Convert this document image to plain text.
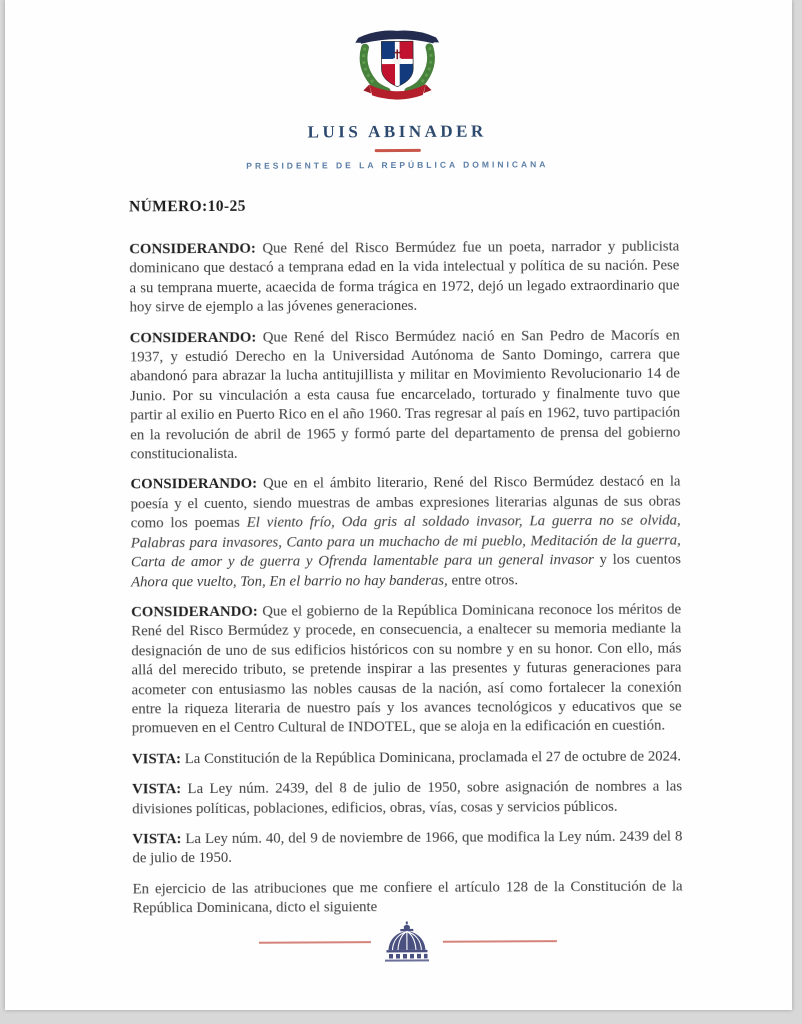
LUIS ABINADER
PRESIDENTE DE LA REPÚBLICA DOMINICANA
NÚMERO:10-25

CONSIDERANDO: Que René del Risco Bermúdez fue un poeta, narrador y publicista dominicano que destacó a temprana edad en la vida intelectual y política de su nación. Pese a su temprana muerte, acaecida de forma trágica en 1972, dejó un legado extraordinario que hoy sirve de ejemplo a las jóvenes generaciones.

CONSIDERANDO: Que René del Risco Bermúdez nació en San Pedro de Macorís en 1937, y estudió Derecho en la Universidad Autónoma de Santo Domingo, carrera que abandonó para abrazar la lucha antitujillista y militar en Movimiento Revolucionario 14 de Junio. Por su vinculación a esta causa fue encarcelado, torturado y finalmente tuvo que partir al exilio en Puerto Rico en el año 1960. Tras regresar al país en 1962, tuvo partipación en la revolución de abril de 1965 y formó parte del departamento de prensa del gobierno constitucionalista.

CONSIDERANDO: Que en el ámbito literario, René del Risco Bermúdez destacó en la poesía y el cuento, siendo muestras de ambas expresiones literarias algunas de sus obras como los poemas El viento frío, Oda gris al soldado invasor, La guerra no se olvida, Palabras para invasores, Canto para un muchacho de mi pueblo, Meditación de la guerra, Carta de amor y de guerra y Ofrenda lamentable para un general invasor y los cuentos Ahora que vuelto, Ton, En el barrio no hay banderas, entre otros.

CONSIDERANDO: Que el gobierno de la República Dominicana reconoce los méritos de René del Risco Bermúdez y procede, en consecuencia, a enaltecer su memoria mediante la designación de uno de sus edificios históricos con su nombre y en su honor. Con ello, más allá del merecido tributo, se pretende inspirar a las presentes y futuras generaciones para acometer con entusiasmo las nobles causas de la nación, así como fortalecer la conexión entre la riqueza literaria de nuestro país y los avances tecnológicos y educativos que se promueven en el Centro Cultural de INDOTEL, que se aloja en la edificación en cuestión.

VISTA: La Constitución de la República Dominicana, proclamada el 27 de octubre de 2024.

VISTA: La Ley núm. 2439, del 8 de julio de 1950, sobre asignación de nombres a las divisiones políticas, poblaciones, edificios, obras, vías, cosas y servicios públicos.

VISTA: La Ley núm. 40, del 9 de noviembre de 1966, que modifica la Ley núm. 2439 del 8 de julio de 1950.

En ejercicio de las atribuciones que me confiere el artículo 128 de la Constitución de la República Dominicana, dicto el siguiente
